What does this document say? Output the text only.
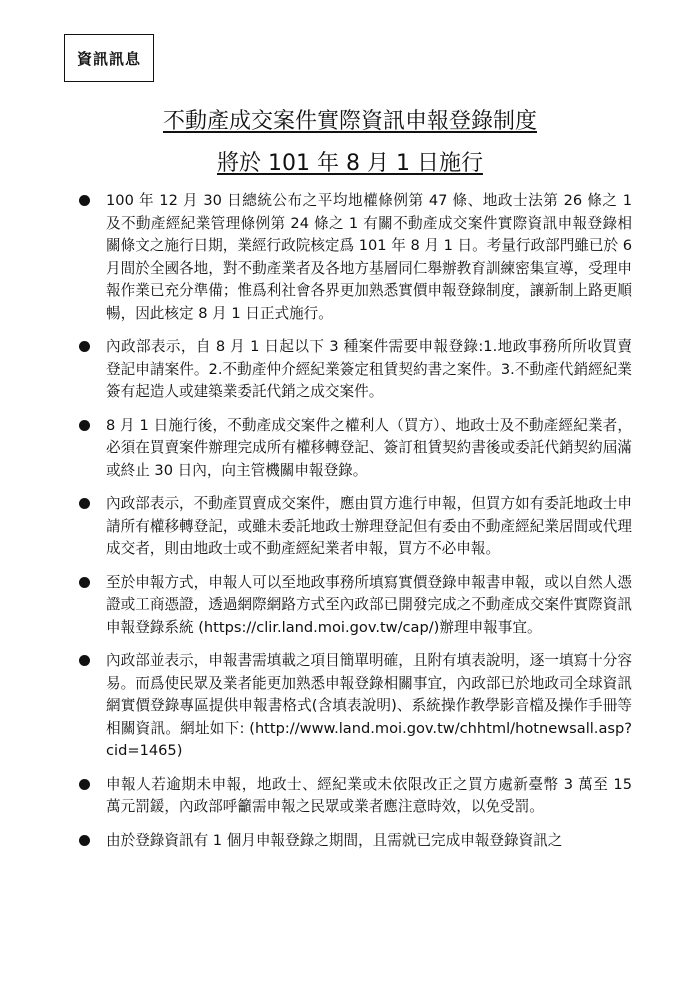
資訊訊息
不動產成交案件實際資訊申報登錄制度
將於 101 年 8 月 1 日施行
100 年 12 月 30 日總統公布之平均地權條例第 47 條、地政士法第 26 條之 1 及不動產經紀業管理條例第 24 條之 1 有關不動產成交案件實際資訊申報登錄相關條文之施行日期，業經行政院核定爲 101 年 8 月 1 日。考量行政部門雖已於 6 月間於全國各地，對不動產業者及各地方基層同仁舉辦教育訓練密集宣導，受理申報作業已充分準備；惟爲利社會各界更加熟悉實價申報登錄制度，讓新制上路更順暢，因此核定 8 月 1 日正式施行。
內政部表示，自 8 月 1 日起以下 3 種案件需要申報登錄:1.地政事務所所收買賣登記申請案件。2.不動產仲介經紀業簽定租賃契約書之案件。3.不動產代銷經紀業簽有起造人或建築業委託代銷之成交案件。
8 月 1 日施行後，不動產成交案件之權利人（買方）、地政士及不動產經紀業者，必須在買賣案件辦理完成所有權移轉登記、簽訂租賃契約書後或委託代銷契約屆滿或終止 30 日內，向主管機關申報登錄。
內政部表示，不動產買賣成交案件，應由買方進行申報，但買方如有委託地政士申請所有權移轉登記，或雖未委託地政士辦理登記但有委由不動產經紀業居間或代理成交者，則由地政士或不動產經紀業者申報，買方不必申報。
至於申報方式，申報人可以至地政事務所填寫實價登錄申報書申報，或以自然人憑證或工商憑證，透過網際網路方式至內政部已開發完成之不動產成交案件實際資訊申報登錄系統 (https://clir.land.moi.gov.tw/cap/)辦理申報事宜。
內政部並表示，申報書需填載之項目簡單明確，且附有填表說明，逐一填寫十分容易。而爲使民眾及業者能更加熟悉申報登錄相關事宜，內政部已於地政司全球資訊網實價登錄專區提供申報書格式(含填表說明)、系統操作教學影音檔及操作手冊等相關資訊。網址如下: (http://www.land.moi.gov.tw/chhtml/hotnewsall.asp?cid=1465)
申報人若逾期未申報，地政士、經紀業或未依限改正之買方處新臺幣 3 萬至 15 萬元罰鍰，內政部呼籲需申報之民眾或業者應注意時效，以免受罰。
由於登錄資訊有 1 個月申報登錄之期間，且需就已完成申報登錄資訊之
